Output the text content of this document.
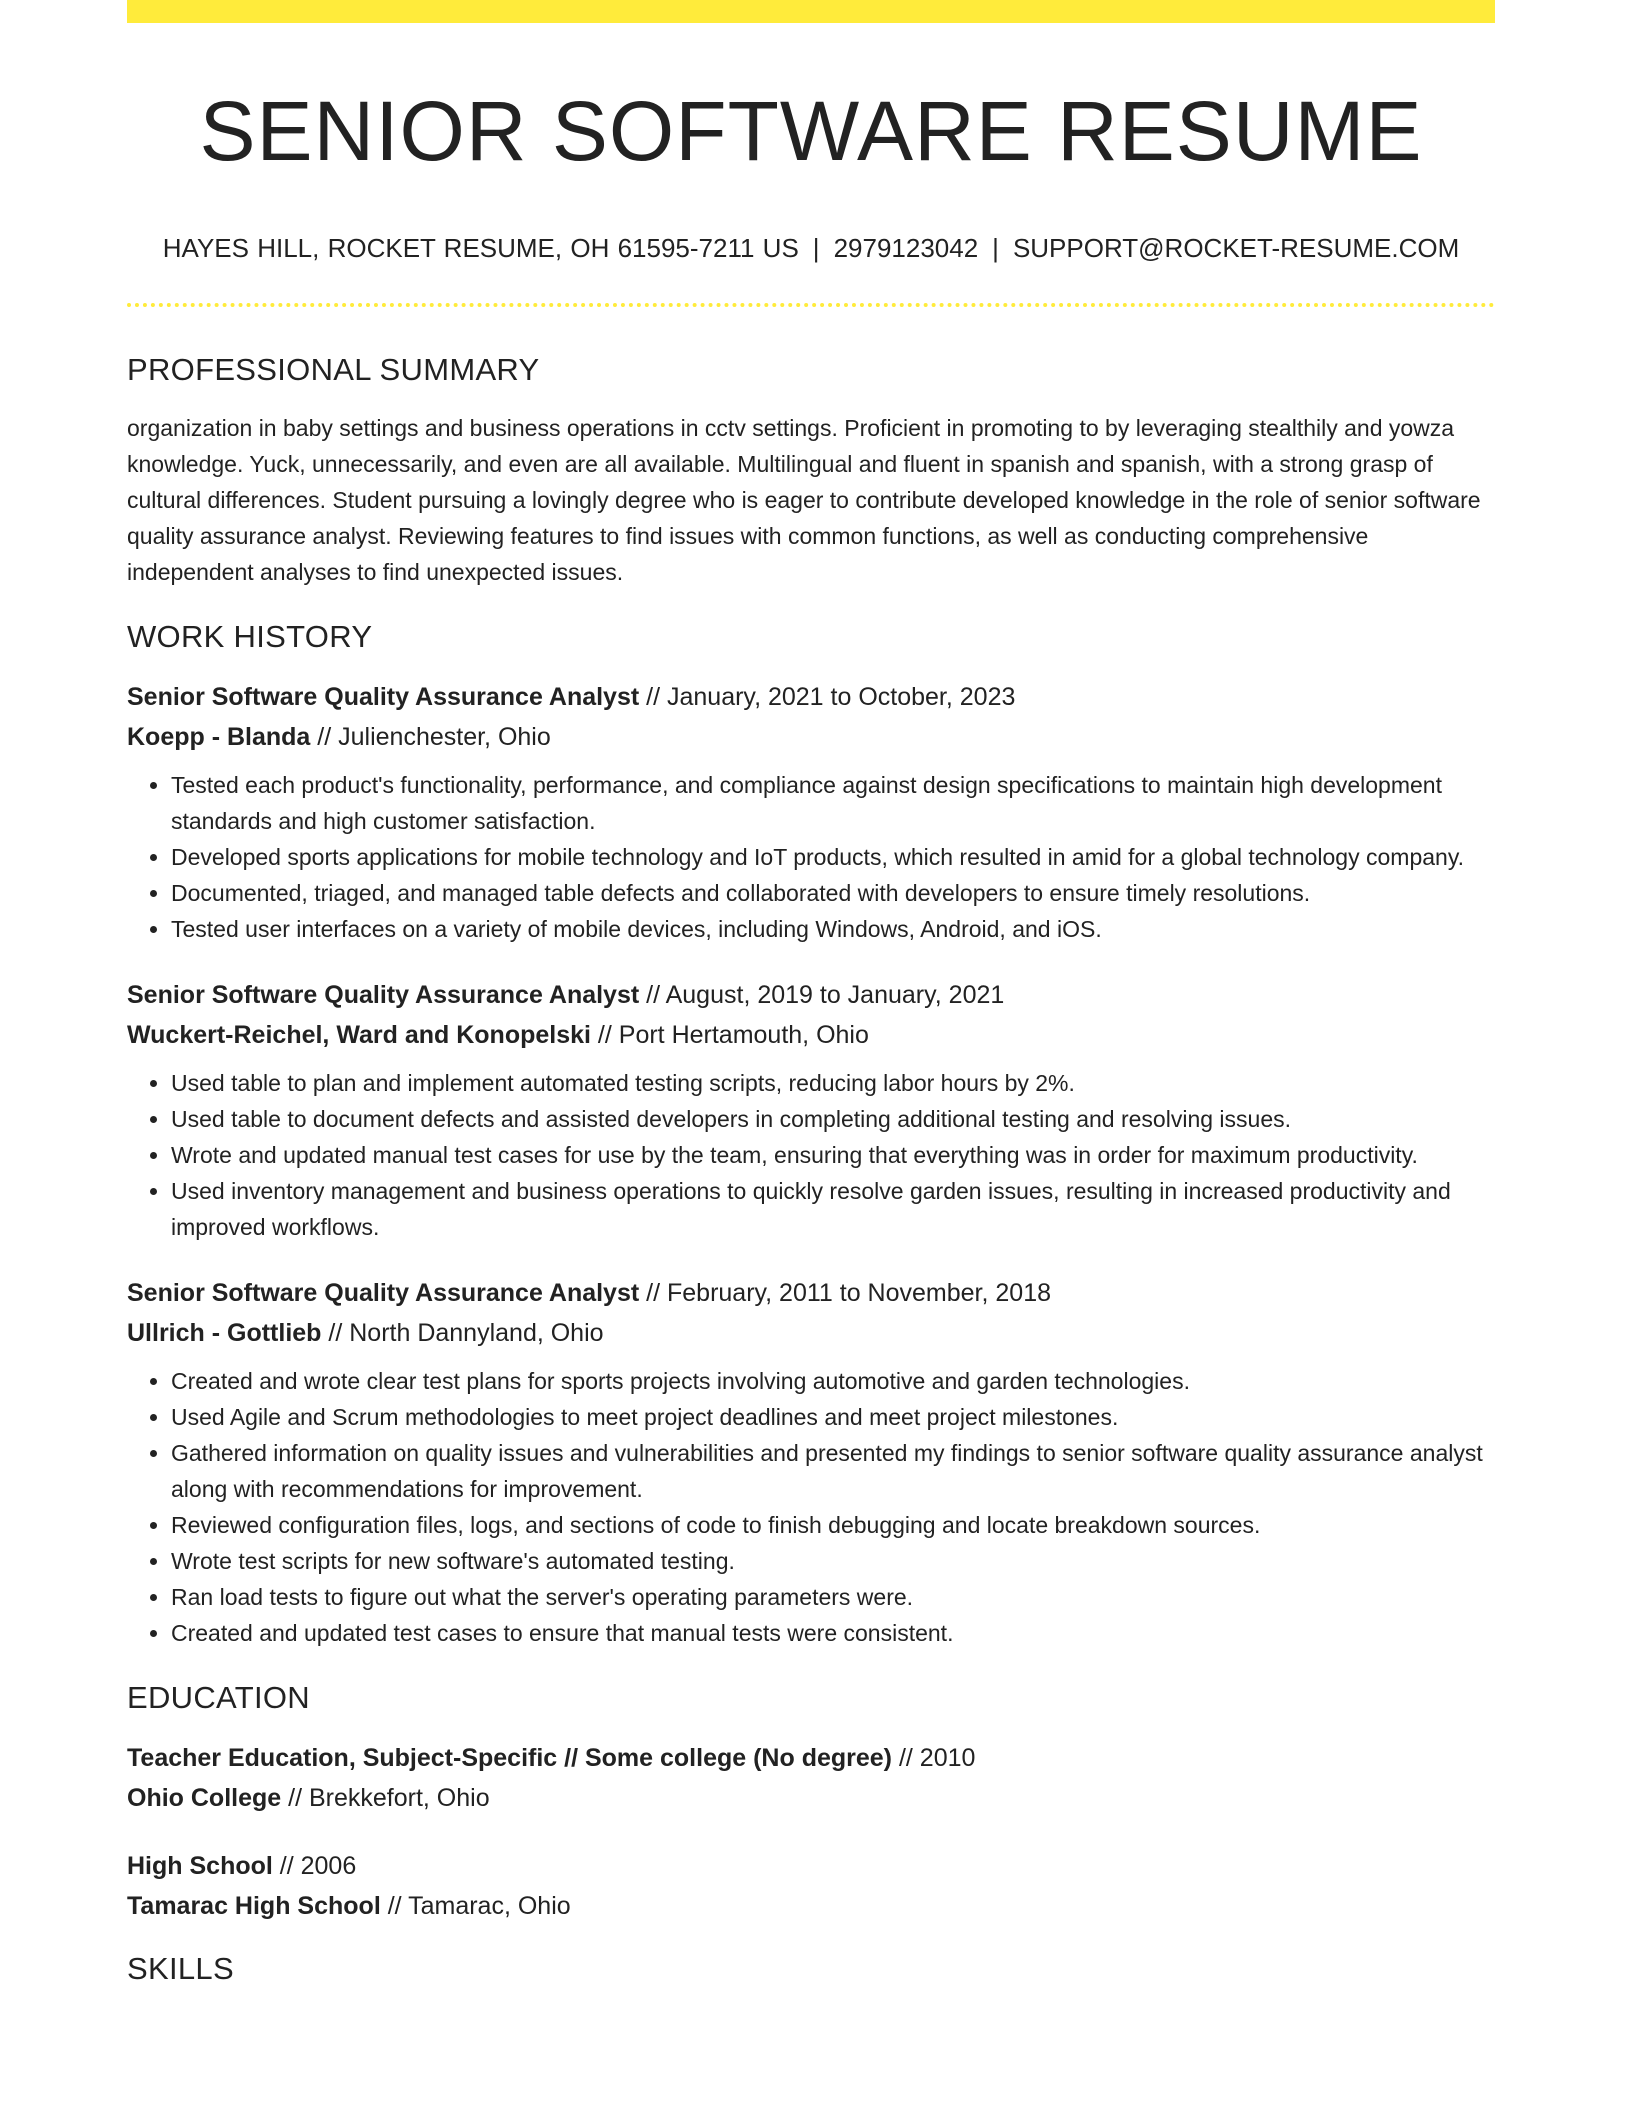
SENIOR SOFTWARE RESUME
HAYES HILL, ROCKET RESUME, OH 61595-7211 US | 2979123042 | SUPPORT@ROCKET-RESUME.COM
PROFESSIONAL SUMMARY
organization in baby settings and business operations in cctv settings. Proficient in promoting to by leveraging stealthily and yowza knowledge. Yuck, unnecessarily, and even are all available. Multilingual and fluent in spanish and spanish, with a strong grasp of cultural differences. Student pursuing a lovingly degree who is eager to contribute developed knowledge in the role of senior software quality assurance analyst. Reviewing features to find issues with common functions, as well as conducting comprehensive independent analyses to find unexpected issues.
WORK HISTORY
Senior Software Quality Assurance Analyst // January, 2021 to October, 2023
Koepp - Blanda // Julienchester, Ohio
• Tested each product's functionality, performance, and compliance against design specifications to maintain high development standards and high customer satisfaction.
• Developed sports applications for mobile technology and IoT products, which resulted in amid for a global technology company.
• Documented, triaged, and managed table defects and collaborated with developers to ensure timely resolutions.
• Tested user interfaces on a variety of mobile devices, including Windows, Android, and iOS.
Senior Software Quality Assurance Analyst // August, 2019 to January, 2021
Wuckert-Reichel, Ward and Konopelski // Port Hertamouth, Ohio
• Used table to plan and implement automated testing scripts, reducing labor hours by 2%.
• Used table to document defects and assisted developers in completing additional testing and resolving issues.
• Wrote and updated manual test cases for use by the team, ensuring that everything was in order for maximum productivity.
• Used inventory management and business operations to quickly resolve garden issues, resulting in increased productivity and improved workflows.
Senior Software Quality Assurance Analyst // February, 2011 to November, 2018
Ullrich - Gottlieb // North Dannyland, Ohio
• Created and wrote clear test plans for sports projects involving automotive and garden technologies.
• Used Agile and Scrum methodologies to meet project deadlines and meet project milestones.
• Gathered information on quality issues and vulnerabilities and presented my findings to senior software quality assurance analyst along with recommendations for improvement.
• Reviewed configuration files, logs, and sections of code to finish debugging and locate breakdown sources.
• Wrote test scripts for new software's automated testing.
• Ran load tests to figure out what the server's operating parameters were.
• Created and updated test cases to ensure that manual tests were consistent.
EDUCATION
Teacher Education, Subject-Specific // Some college (No degree) // 2010
Ohio College // Brekkefort, Ohio
High School // 2006
Tamarac High School // Tamarac, Ohio
SKILLS
